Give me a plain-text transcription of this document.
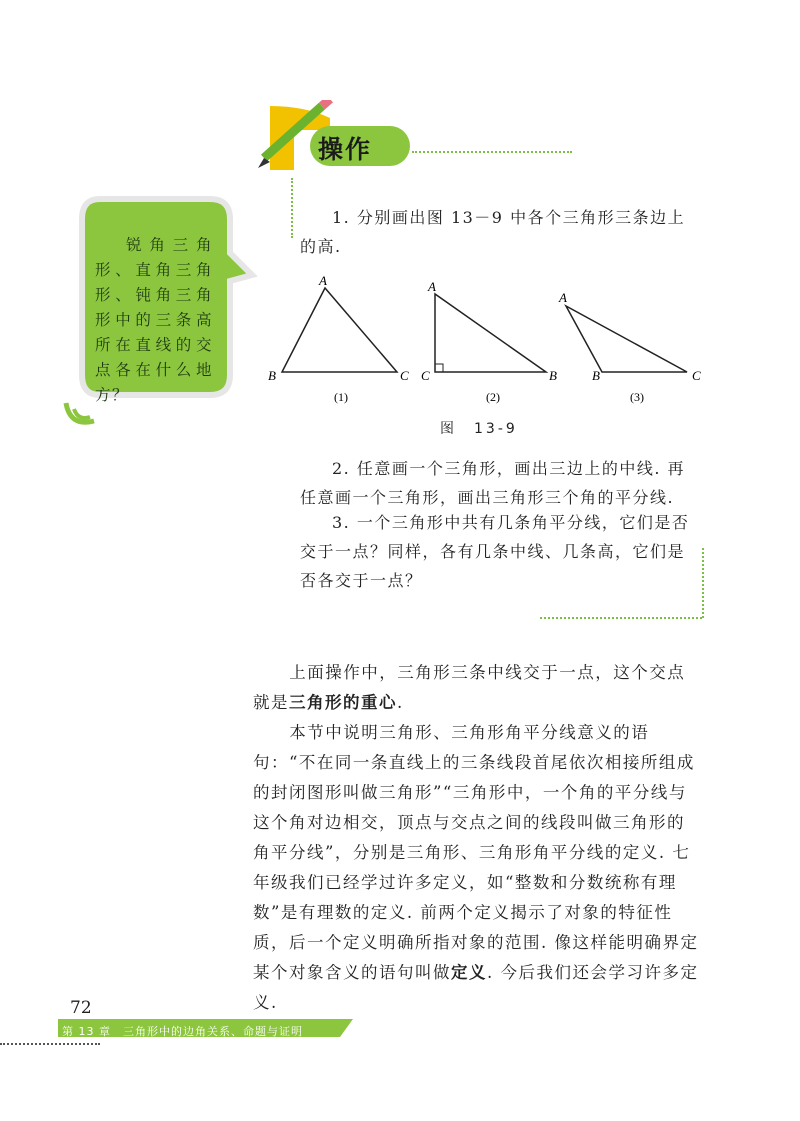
操作
锐角三角形、直角三角形、钝角三角形中的三条高所在直线的交点各在什么地方？
1. 分别画出图 13－9 中各个三角形三条边上的高.
A
B	C
(1)
A
C	B
(2)
A
B	C
(3)
图　13-9
2. 任意画一个三角形，画出三边上的中线. 再任意画一个三角形，画出三角形三个角的平分线.
3. 一个三角形中共有几条角平分线，它们是否交于一点？同样，各有几条中线、几条高，它们是否各交于一点？
上面操作中，三角形三条中线交于一点，这个交点就是三角形的重心.
本节中说明三角形、三角形角平分线意义的语句：“不在同一条直线上的三条线段首尾依次相接所组成的封闭图形叫做三角形”“三角形中，一个角的平分线与这个角对边相交，顶点与交点之间的线段叫做三角形的角平分线”，分别是三角形、三角形角平分线的定义. 七年级我们已经学过许多定义，如“整数和分数统称有理数”是有理数的定义. 前两个定义揭示了对象的特征性质，后一个定义明确所指对象的范围. 像这样能明确界定某个对象含义的语句叫做定义. 今后我们还会学习许多定义.
72
第 13 章　三角形中的边角关系、命题与证明
